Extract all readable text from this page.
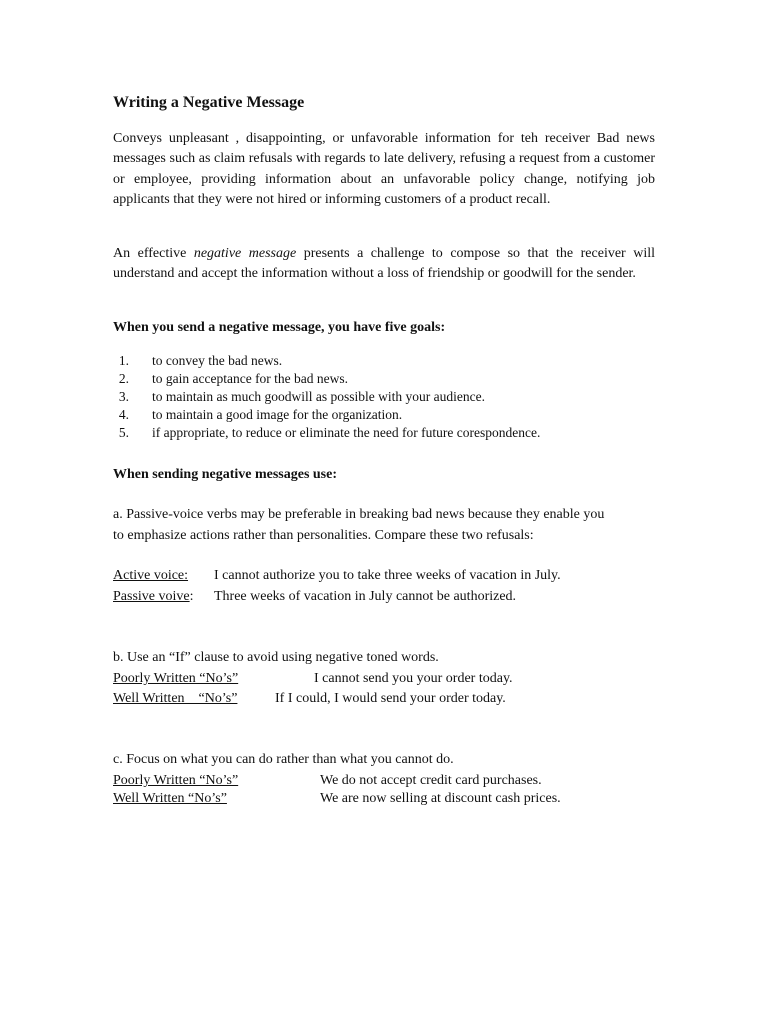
Writing a Negative Message
Conveys unpleasant , disappointing, or unfavorable information for teh receiver Bad news messages such as claim refusals with regards to late delivery, refusing a request from a customer or employee, providing information about an unfavorable policy change, notifying job applicants that they were not hired or informing customers of a product recall.
An effective negative message presents a challenge to compose so that the receiver will understand and accept the information without a loss of friendship or goodwill for the sender.
When you send a negative message, you have five goals:
1. to convey the bad news.
2. to gain acceptance for the bad news.
3. to maintain as much goodwill as possible with your audience.
4. to maintain a good image for the organization.
5. if appropriate, to reduce or eliminate the need for future corespondence.
When sending negative messages use:
a. Passive-voice verbs may be preferable in breaking bad news because they enable you
to emphasize actions rather than personalities. Compare these two refusals:
Active voice: I cannot authorize you to take three weeks of vacation in July.
Passive voive: Three weeks of vacation in July cannot be authorized.
b. Use an “If” clause to avoid using negative toned words.
Poorly Written “No’s”	I cannot send you your order today.
Well Written    “No’s”	If I could, I would send your order today.
c. Focus on what you can do rather than what you cannot do.
Poorly Written “No’s”	We do not accept credit card purchases.
Well Written “No’s”	We are now selling at discount cash prices.
